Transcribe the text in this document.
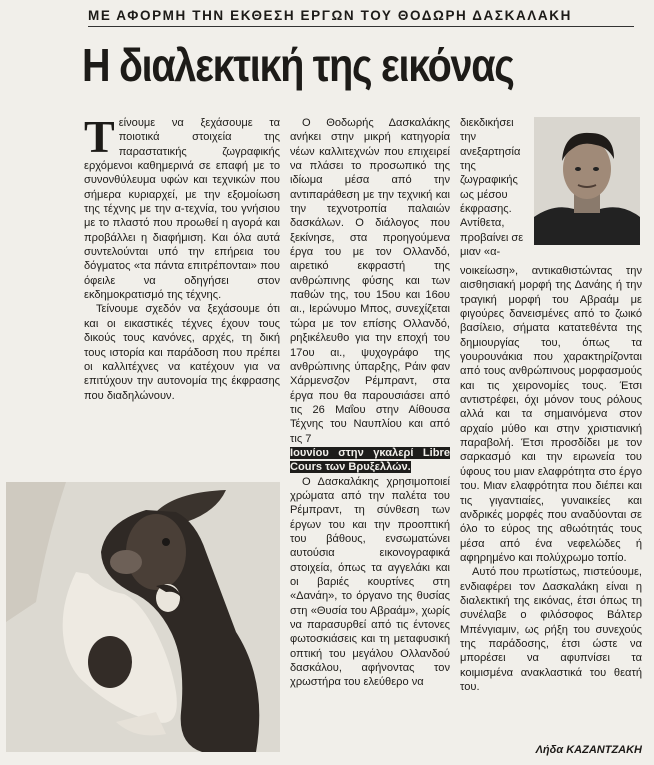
ΜΕ ΑΦΟΡΜΗ ΤΗΝ ΕΚΘΕΣΗ ΕΡΓΩΝ ΤΟΥ ΘΟΔΩΡΗ ΔΑΣΚΑΛΑΚΗ
Η διαλεκτική της εικόνας

Τείνουμε να ξεχάσουμε τα ποιοτικά στοιχεία της παραστατικής ζωγραφικής ερχόμενοι καθημερινά σε επαφή με το συνονθύλευμα υφών και τεχνικών που σήμερα κυριαρχεί, με την εξομοίωση της τέχνης με την α-τεχνία, του γνήσιου με το πλαστό που προωθεί η αγορά και προβάλλει η διαφήμιση. Και όλα αυτά συντελούνται υπό την επήρεια του δόγματος «τα πάντα επιτρέπονται» που όφειλε να οδηγήσει στον εκδημοκρατισμό της τέχνης.

Τείνουμε σχεδόν να ξεχάσουμε ότι και οι εικαστικές τέχνες έχουν τους δικούς τους κανόνες, αρχές, τη δική τους ιστορία και παράδοση που πρέπει οι καλλιτέχνες να κατέχουν για να επιτύχουν την αυτονομία της έκφρασης που διαδηλώνουν.

Ο Θοδωρής Δασκαλάκης ανήκει στην μικρή κατηγορία νέων καλλιτεχνών που επιχειρεί να πλάσει το προσωπικό της ιδίωμα μέσα από την αντιπαράθεση με την τεχνική και την τεχνοτροπία παλαιών δασκάλων. Ο διάλογος που ξεκίνησε, στα προηγούμενα έργα του με τον Ολλανδό, αιρετικό εκφραστή της ανθρώπινης φύσης και των παθών της, του 15ου και 16ου αι., Ιερώνυμο Μπος, συνεχίζεται τώρα με τον επίσης Ολλανδό, ρηξικέλευθο για την εποχή του 17ου αι., ψυχογράφο της ανθρώπινης ύπαρξης, Ράιν φαν Χάρμενσζον Ρέμπραντ, στα έργα που θα παρουσιάσει από τις 26 Μαΐου στην Αίθουσα Τέχνης του Ναυπλίου και από τις 7

Ιουνίου στην γκαλερί Libre Cours των Βρυξελλών.

Ο Δασκαλάκης χρησιμοποιεί χρώματα από την παλέτα του Ρέμπραντ, τη σύνθεση των έργων του και την προοπτική του βάθους, ενσωματώνει αυτούσια εικονογραφικά στοιχεία, όπως τα αγγελάκι και οι βαριές κουρτίνες στη «Δανάη», το όργανο της θυσίας στη «Θυσία του Αβραάμ», χωρίς να παρασυρθεί από τις έντονες φωτοσκιάσεις και τη μεταφυσική οπτική του μεγάλου Ολλανδού δασκάλου, αφήνοντας τον χρωστήρα του ελεύθερο να

διεκδικήσει την ανεξαρτησία της ζωγραφικής ως μέσου έκφρασης. Αντίθετα, προβαίνει σε μιαν «α-

νοικείωση», αντικαθιστώντας την αισθησιακή μορφή της Δανάης ή την τραγική μορφή του Αβραάμ με φιγούρες δανεισμένες από το ζωικό βασίλειο, σήματα κατατεθέντα της δημιουργίας του, όπως τα γουρουνάκια που χαρακτηρίζονται από τους ανθρώπινους μορφασμούς και τις χειρονομίες τους. Έτσι αντιστρέφει, όχι μόνον τους ρόλους αλλά και τα σημαινόμενα στον αρχαίο μύθο και στην χριστιανική παραβολή. Έτσι προσδίδει με τον σαρκασμό και την ειρωνεία του ύφους του μιαν ελαφρότητα στο έργο του. Μιαν ελαφρότητα που διέπει και τις γιγαντιαίες, γυναικείες και ανδρικές μορφές που αναδύονται σε όλο το εύρος της αθωότητάς τους μέσα από ένα νεφελώδες ή αφηρημένο και πολύχρωμο τοπίο.

Αυτό που πρωτίστως, πιστεύουμε, ενδιαφέρει τον Δασκαλάκη είναι η διαλεκτική της εικόνας, έτσι όπως τη συνέλαβε ο φιλόσοφος Βάλτερ Μπένγιαμιν, ως ρήξη του συνεχούς της παράδοσης, έτσι ώστε να μπορέσει να αφυπνίσει τα κοιμισμένα ανακλαστικά του θεατή του.

Λήδα ΚΑΖΑΝΤΖΑΚΗ
